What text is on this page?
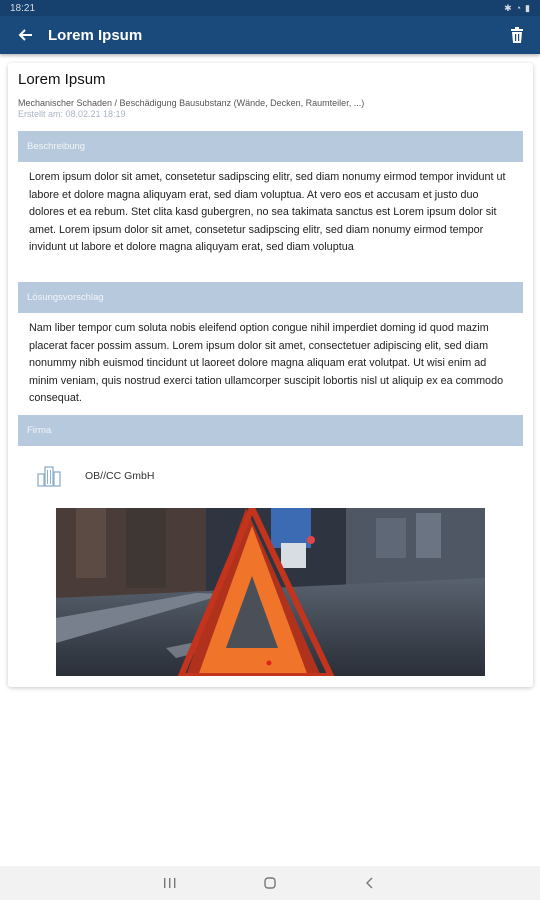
18:21	✱ ◔ ▮
Lorem Ipsum
Lorem Ipsum
Mechanischer Schaden / Beschädigung Bausubstanz (Wände, Decken, Raumteiler, ...)
Erstellt am: 08.02.21 18:19
Beschreibung
Lorem ipsum dolor sit amet, consetetur sadipscing elitr, sed diam nonumy eirmod tempor invidunt ut labore et dolore magna aliquyam erat, sed diam voluptua. At vero eos et accusam et justo duo dolores et ea rebum. Stet clita kasd gubergren, no sea takimata sanctus est Lorem ipsum dolor sit amet. Lorem ipsum dolor sit amet, consetetur sadipscing elitr, sed diam nonumy eirmod tempor invidunt ut labore et dolore magna aliquyam erat, sed diam voluptua
Lösungsvorschlag
Nam liber tempor cum soluta nobis eleifend option congue nihil imperdiet doming id quod mazim placerat facer possim assum. Lorem ipsum dolor sit amet, consectetuer adipiscing elit, sed diam nonummy nibh euismod tincidunt ut laoreet dolore magna aliquam erat volutpat. Ut wisi enim ad minim veniam, quis nostrud exerci tation ullamcorper suscipit lobortis nisl ut aliquip ex ea commodo consequat.
Firma
OB//CC GmbH
